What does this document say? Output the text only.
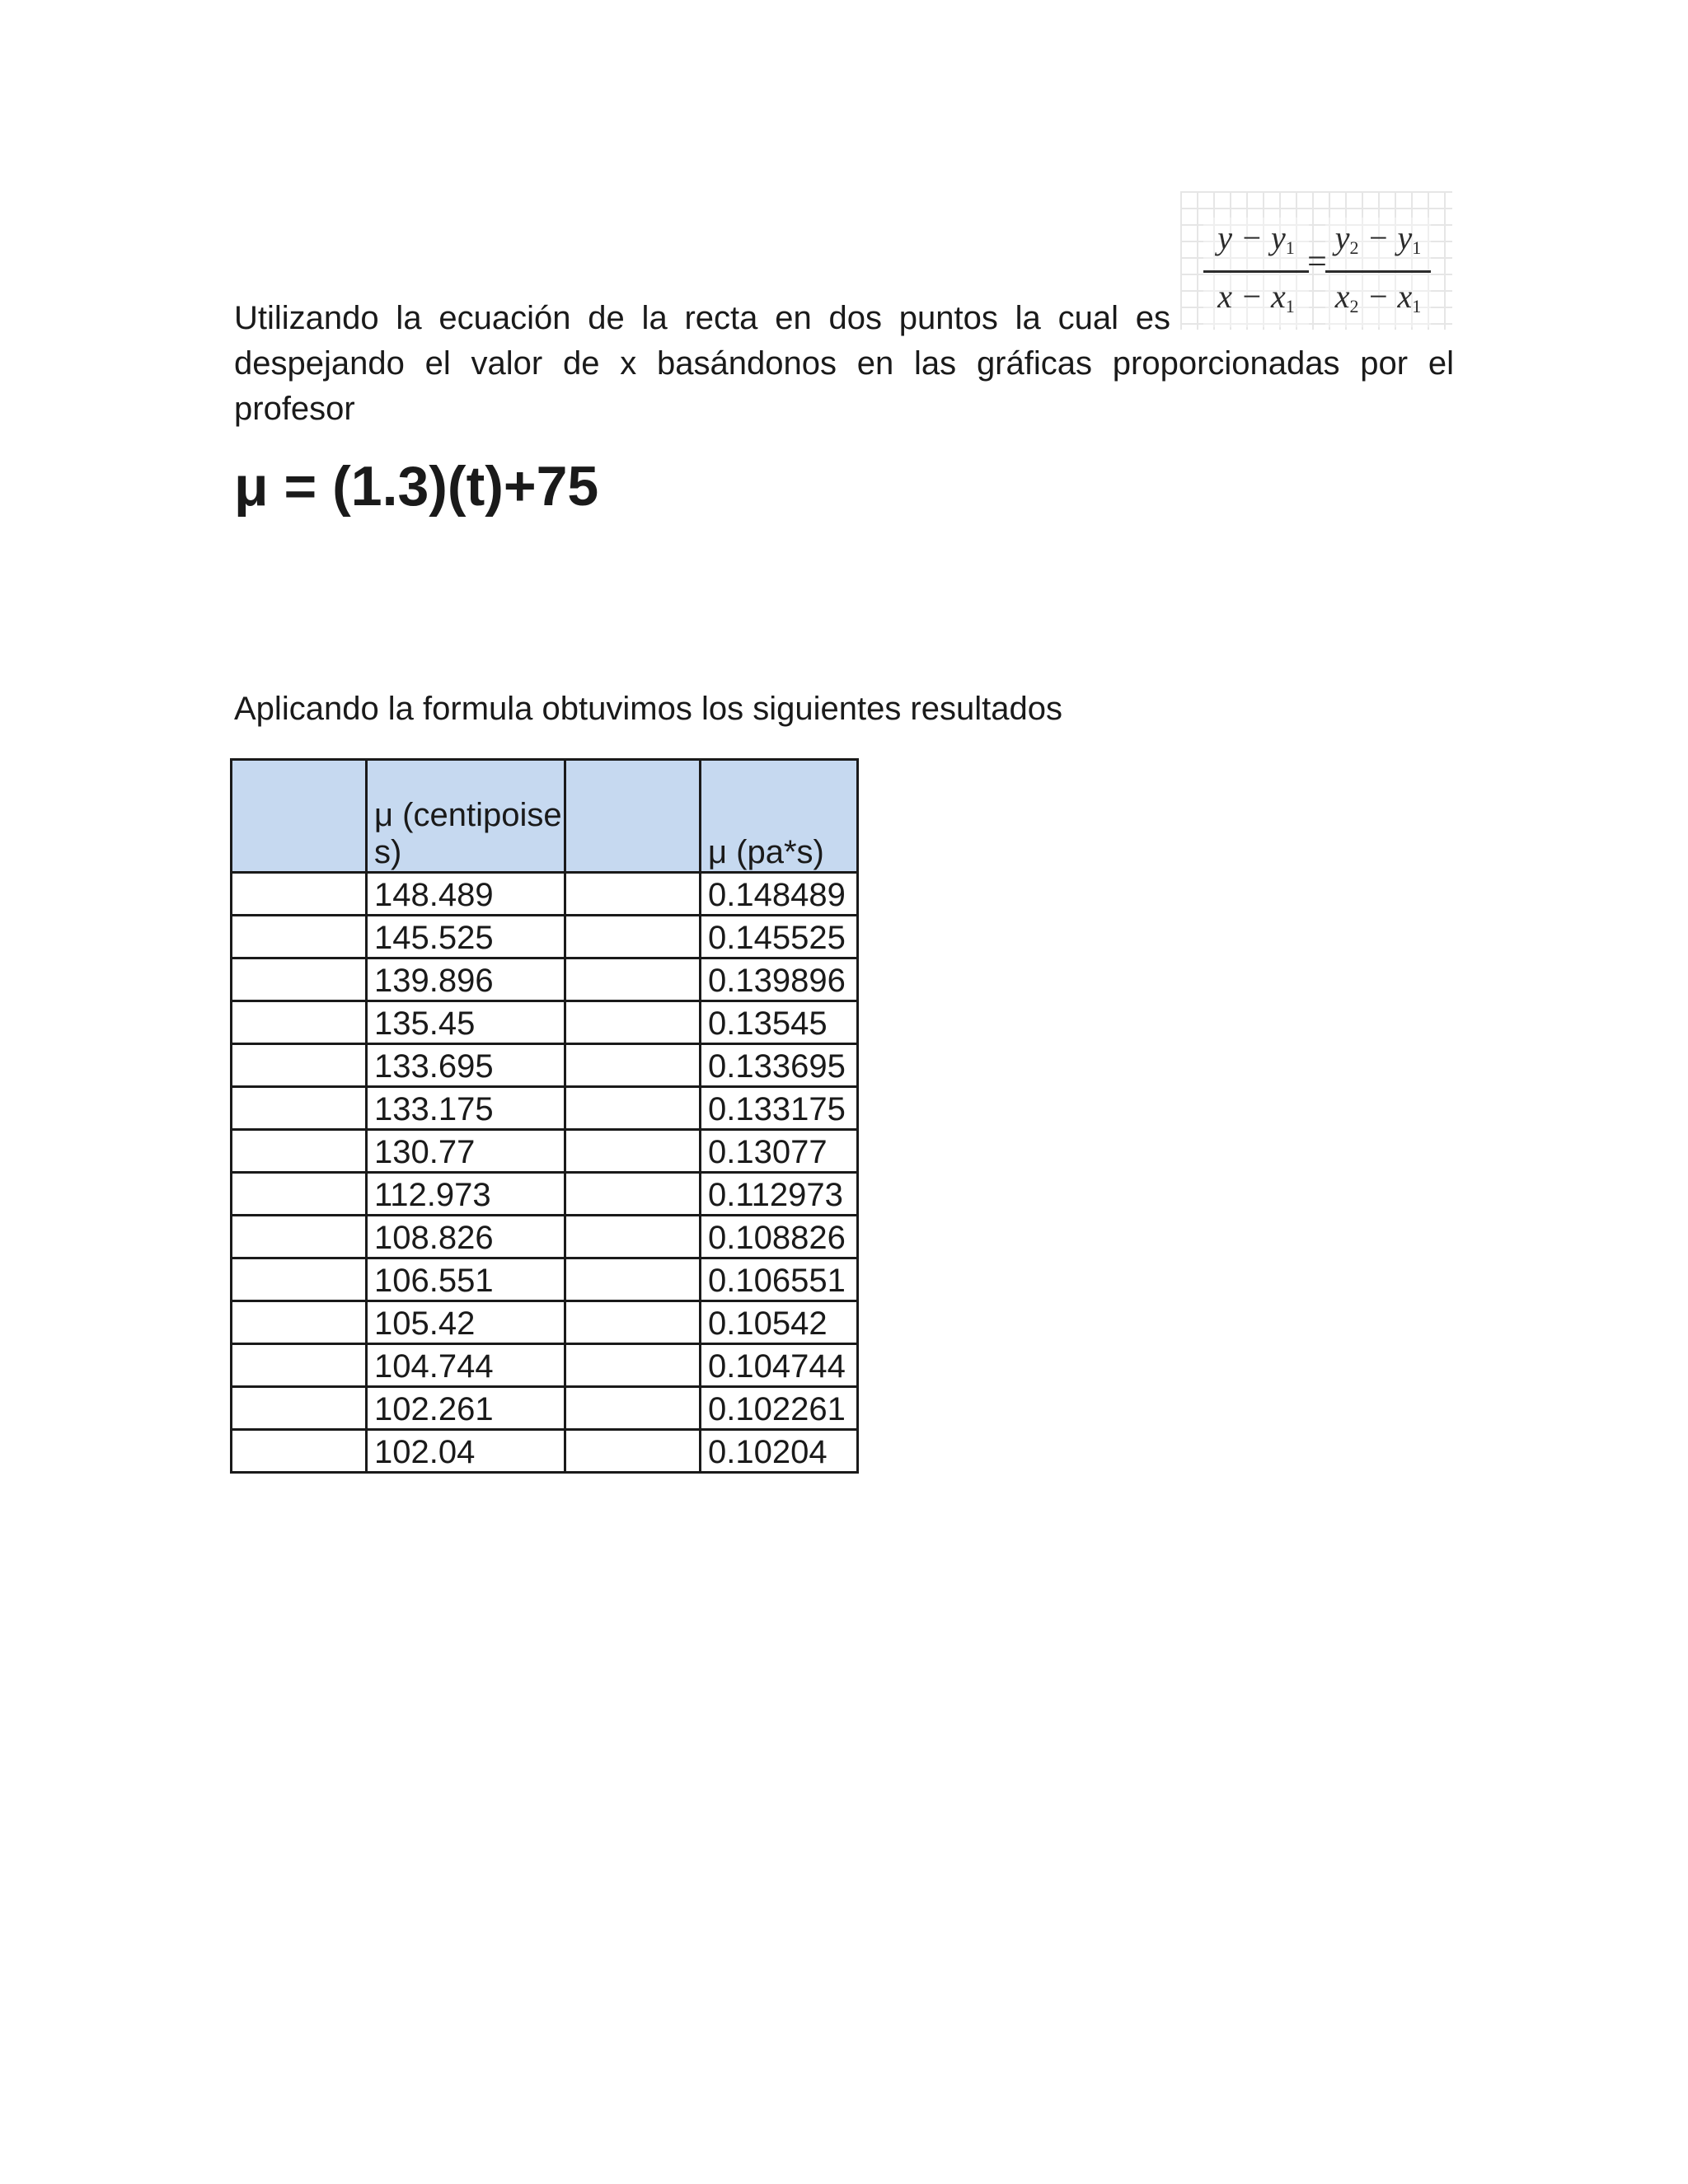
$\frac{y - y_1}{x - x_1}$
=
$\frac{y_2 - y_1}{x_2 - x_1}$
Utilizando la ecuación de la recta en dos puntos la cual es
despejando el valor de x basándonos en las gráficas proporcionadas por el
profesor
μ = (1.3)(t)+75
Aplicando la formula obtuvimos los siguientes resultados
	μ (centipoises)		μ (pa*s)
	148.489		0.148489
	145.525		0.145525
	139.896		0.139896
	135.45		0.13545
	133.695		0.133695
	133.175		0.133175
	130.77		0.13077
	112.973		0.112973
	108.826		0.108826
	106.551		0.106551
	105.42		0.10542
	104.744		0.104744
	102.261		0.102261
	102.04		0.10204
